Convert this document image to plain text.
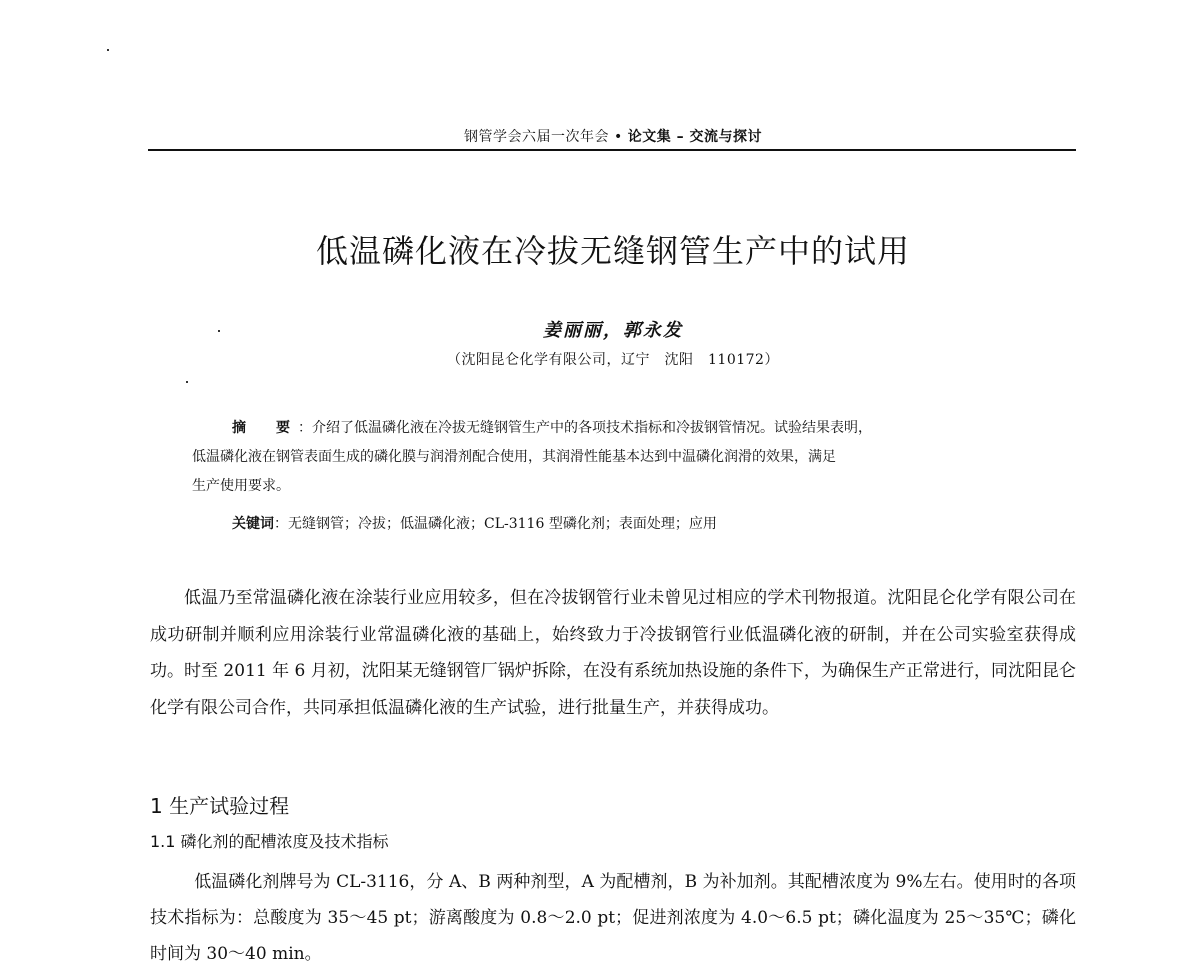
钢管学会六届一次年会 • 论文集 – 交流与探讨
低温磷化液在冷拔无缝钢管生产中的试用
姜丽丽，郭永发
（沈阳昆仑化学有限公司，辽宁　沈阳　110172）
摘　要：介绍了低温磷化液在冷拔无缝钢管生产中的各项技术指标和冷拔钢管情况。试验结果表明，
低温磷化液在钢管表面生成的磷化膜与润滑剂配合使用，其润滑性能基本达到中温磷化润滑的效果，满足
生产使用要求。
关键词：无缝钢管；冷拔；低温磷化液；CL-3116 型磷化剂；表面处理；应用
低温乃至常温磷化液在涂装行业应用较多，但在冷拔钢管行业未曾见过相应的学术刊物报道。沈阳昆仑化学有限公司在成功研制并顺利应用涂装行业常温磷化液的基础上，始终致力于冷拔钢管行业低温磷化液的研制，并在公司实验室获得成功。时至 2011 年 6 月初，沈阳某无缝钢管厂锅炉拆除，在没有系统加热设施的条件下，为确保生产正常进行，同沈阳昆仑化学有限公司合作，共同承担低温磷化液的生产试验，进行批量生产，并获得成功。
1 生产试验过程
1.1 磷化剂的配槽浓度及技术指标
低温磷化剂牌号为 CL-3116，分 A、B 两种剂型，A 为配槽剂，B 为补加剂。其配槽浓度为 9%左右。使用时的各项技术指标为：总酸度为 35～45 pt；游离酸度为 0.8～2.0 pt；促进剂浓度为 4.0～6.5 pt；磷化温度为 25～35℃；磷化时间为 30～40 min。
